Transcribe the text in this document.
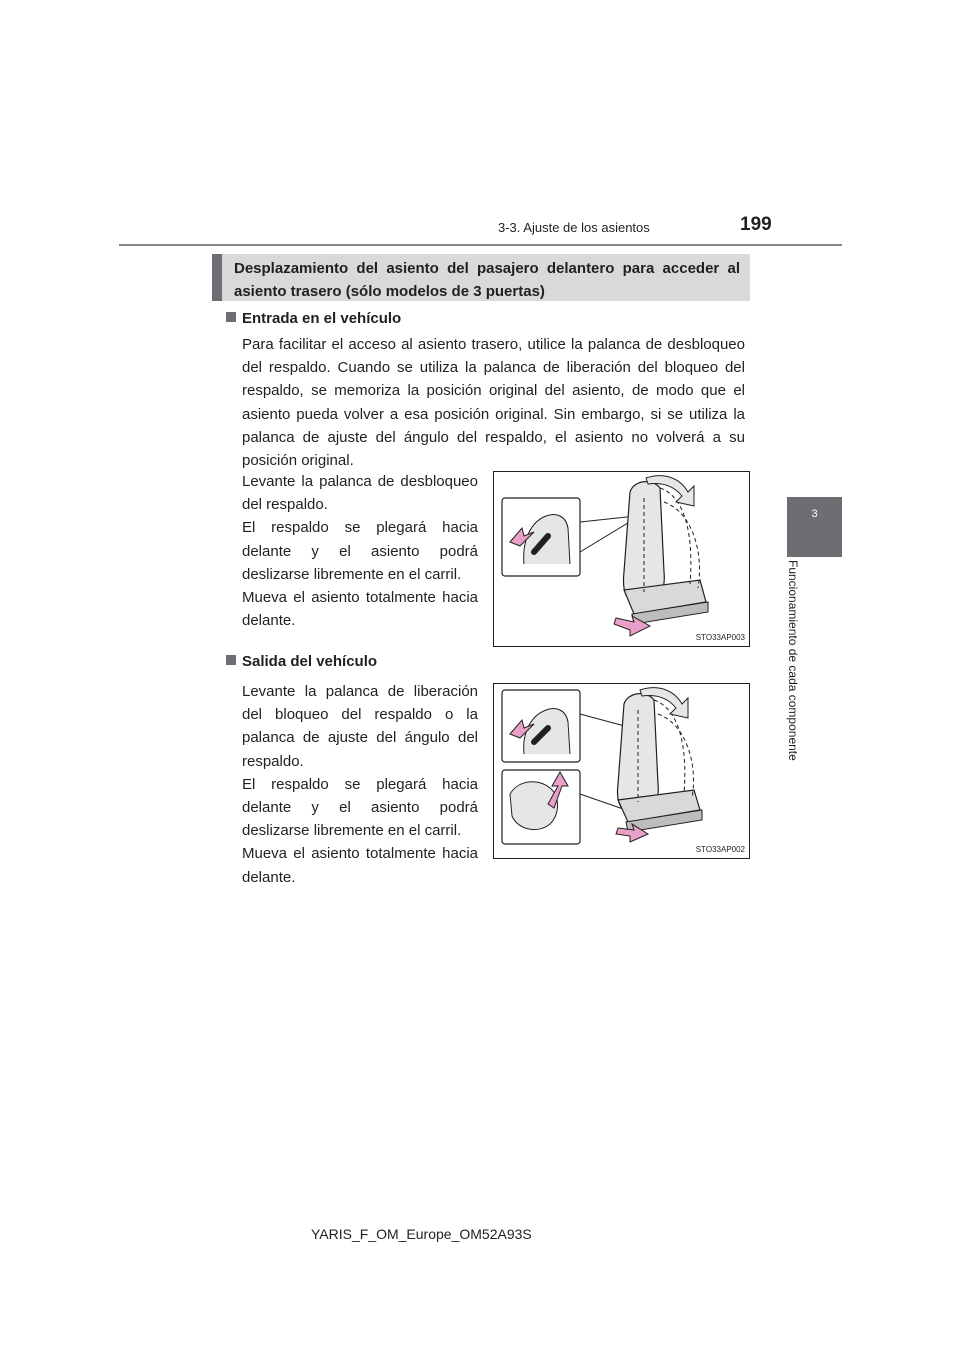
3-3. Ajuste de los asientos	199
3
Funcionamiento de cada componente
Desplazamiento del asiento del pasajero delantero para acceder al asiento trasero (sólo modelos de 3 puertas)
Entrada en el vehículo
Para facilitar el acceso al asiento trasero, utilice la palanca de desbloqueo del respaldo. Cuando se utiliza la palanca de liberación del bloqueo del respaldo, se memoriza la posición original del asiento, de modo que el asiento pueda volver a esa posición original. Sin embargo, si se utiliza la palanca de ajuste del ángulo del respaldo, el asiento no volverá a su posición original.
Levante la palanca de desbloqueo del respaldo.
El respaldo se plegará hacia delante y el asiento podrá deslizarse libremente en el carril.
Mueva el asiento totalmente hacia delante.
STO33AP003
Salida del vehículo
Levante la palanca de liberación del bloqueo del respaldo o la palanca de ajuste del ángulo del respaldo.
El respaldo se plegará hacia delante y el asiento podrá deslizarse libremente en el carril.
Mueva el asiento totalmente hacia delante.
STO33AP002
YARIS_F_OM_Europe_OM52A93S
